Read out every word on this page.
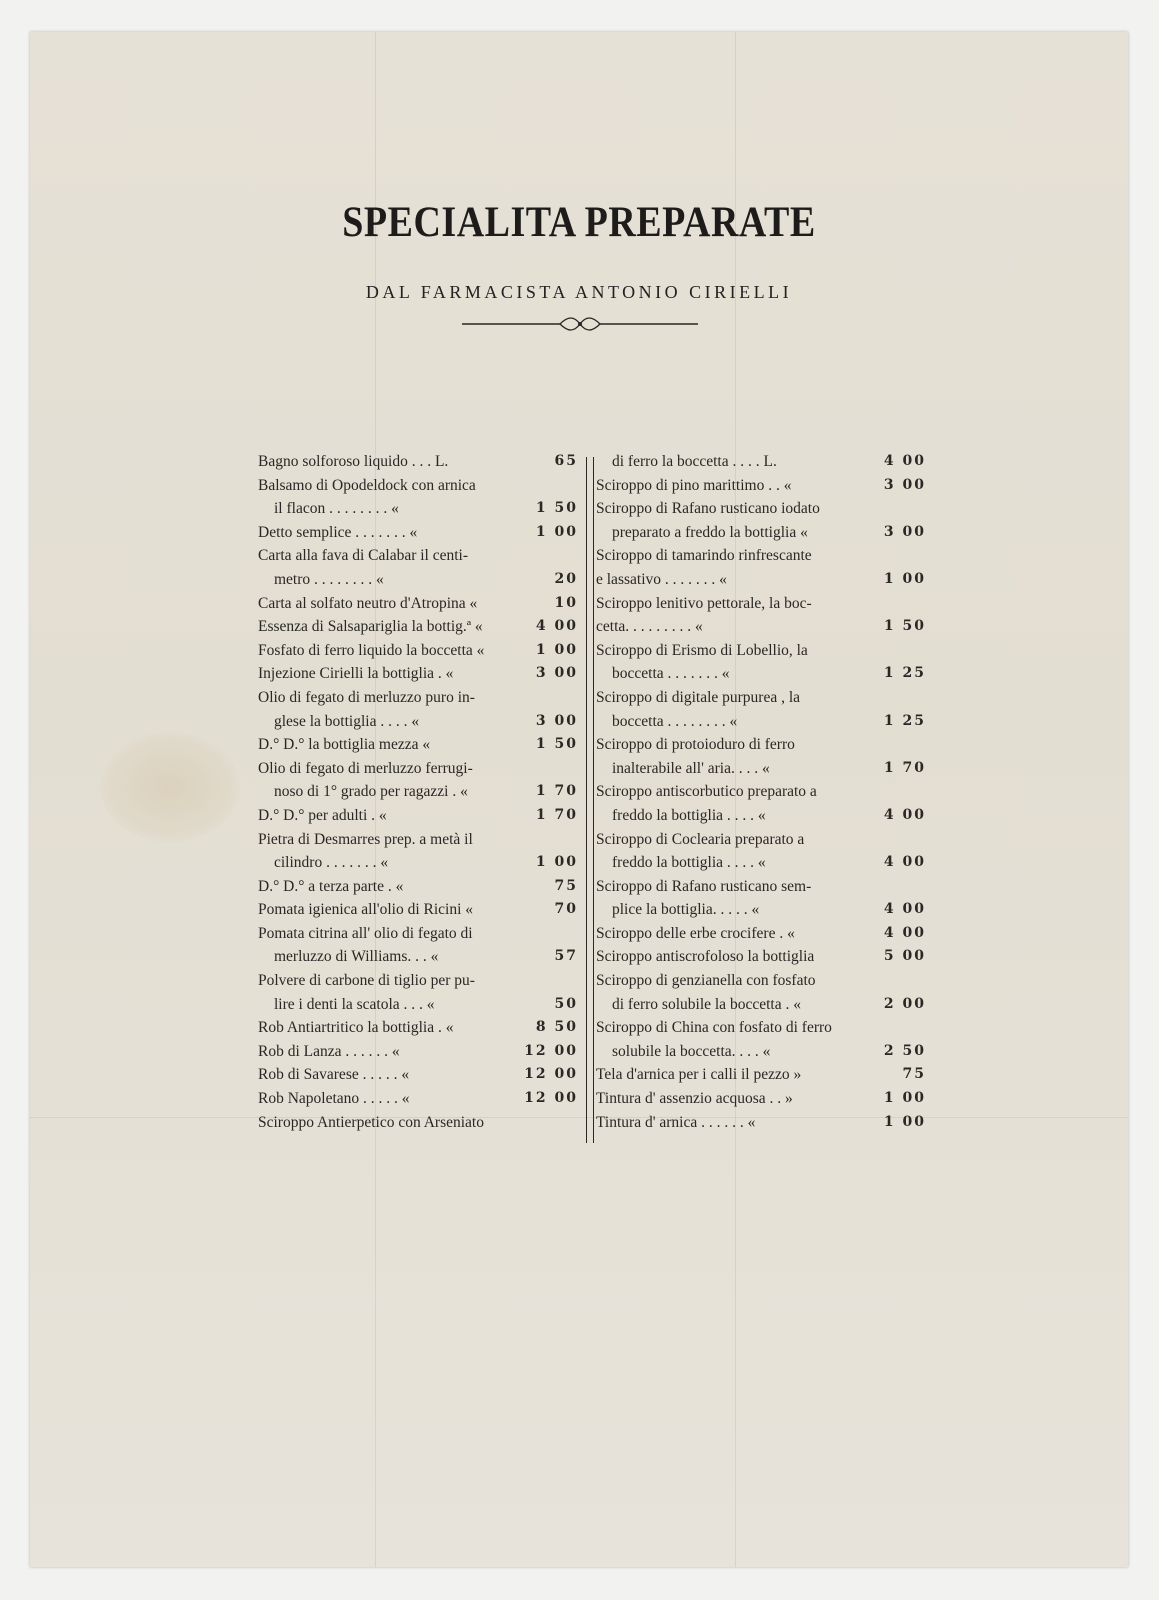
SPECIALITA PREPARATE
DAL FARMACISTA ANTONIO CIRIELLI
Bagno solforoso liquido . . . L.	65
Balsamo di Opodeldock con arnica
il flacon . . . . . . . . «	1 50
Detto semplice . . . . . . . «	1 00
Carta alla fava di Calabar il centi-
metro . . . . . . . . «	20
Carta al solfato neutro d'Atropina «	10
Essenza di Salsapariglia la bottig.ª «	4 00
Fosfato di ferro liquido la boccetta «	1 00
Injezione Cirielli la bottiglia . «	3 00
Olio di fegato di merluzzo puro in-
glese la bottiglia . . . . «	3 00
D.° D.° la bottiglia mezza «	1 50
Olio di fegato di merluzzo ferrugi-
noso di 1° grado per ragazzi . «	1 70
D.° D.° per adulti . «	1 70
Pietra di Desmarres prep. a metà il
cilindro . . . . . . . «	1 00
D.° D.° a terza parte . «	75
Pomata igienica all'olio di Ricini «	70
Pomata citrina all' olio di fegato di
merluzzo di Williams. . . «	57
Polvere di carbone di tiglio per pu-
lire i denti la scatola . . . «	50
Rob Antiartritico la bottiglia . «	8 50
Rob di Lanza . . . . . . «	12 00
Rob di Savarese . . . . . «	12 00
Rob Napoletano . . . . . «	12 00
Sciroppo Antierpetico con Arseniato
di ferro la boccetta . . . . L.	4 00
Sciroppo di pino marittimo . . «	3 00
Sciroppo di Rafano rusticano iodato
preparato a freddo la bottiglia «	3 00
Sciroppo di tamarindo rinfrescante
e lassativo . . . . . . . «	1 00
Sciroppo lenitivo pettorale, la boc-
cetta. . . . . . . . . «	1 50
Sciroppo di Erismo di Lobellio, la
boccetta . . . . . . . «	1 25
Sciroppo di digitale purpurea , la
boccetta . . . . . . . . «	1 25
Sciroppo di protoioduro di ferro
inalterabile all' aria. . . . «	1 70
Sciroppo antiscorbutico preparato a
freddo la bottiglia . . . . «	4 00
Sciroppo di Coclearia preparato a
freddo la bottiglia . . . . «	4 00
Sciroppo di Rafano rusticano sem-
plice la bottiglia. . . . . «	4 00
Sciroppo delle erbe crocifere . «	4 00
Sciroppo antiscrofoloso la bottiglia	5 00
Sciroppo di genzianella con fosfato
di ferro solubile la boccetta . «	2 00
Sciroppo di China con fosfato di ferro
solubile la boccetta. . . . «	2 50
Tela d'arnica per i calli il pezzo »	75
Tintura d' assenzio acquosa . . »	1 00
Tintura d' arnica . . . . . . «	1 00
